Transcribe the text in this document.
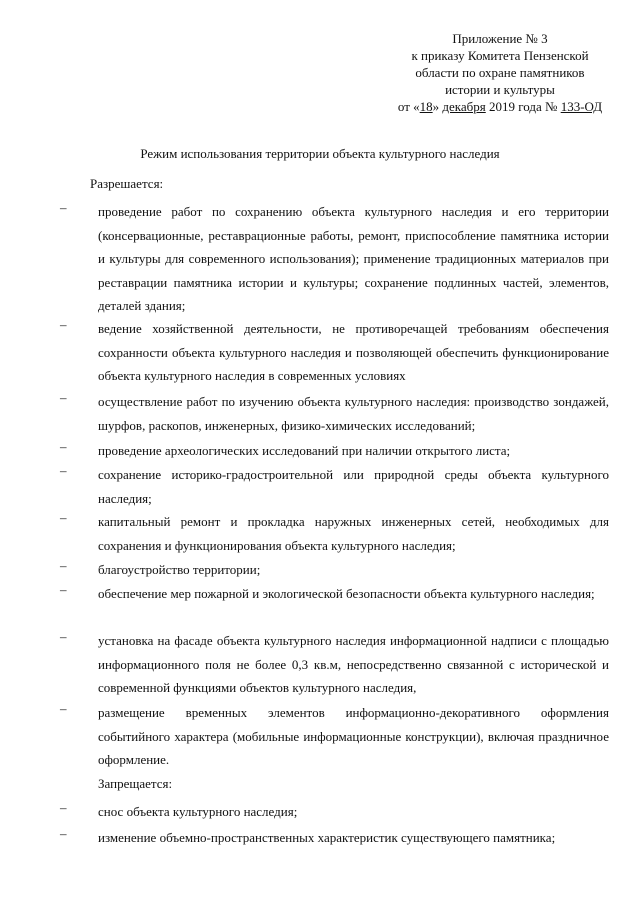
Приложение № 3
к приказу Комитета Пензенской
области по охране памятников
истории и культуры
от «18» декабря 2019 года № 133-ОД
Режим использования территории объекта культурного наследия
Разрешается:
– проведение работ по сохранению объекта культурного наследия и его территории (консервационные, реставрационные работы, ремонт, приспособление памятника истории и культуры для современного использования); применение традиционных материалов при реставрации памятника истории и культуры; сохранение подлинных частей, элементов, деталей здания;
– ведение хозяйственной деятельности, не противоречащей требованиям обеспечения сохранности объекта культурного наследия и позволяющей обеспечить функционирование объекта культурного наследия в современных условиях
– осуществление работ по изучению объекта культурного наследия: производство зондажей, шурфов, раскопов, инженерных, физико-химических исследований;
– проведение археологических исследований при наличии открытого листа;
– сохранение историко-градостроительной или природной среды объекта культурного наследия;
– капитальный ремонт и прокладка наружных инженерных сетей, необходимых для сохранения и функционирования объекта культурного наследия;
– благоустройство территории;
– обеспечение мер пожарной и экологической безопасности объекта культурного наследия;
– установка на фасаде объекта культурного наследия информационной надписи с площадью информационного поля не более 0,3 кв.м, непосредственно связанной с исторической и современной функциями объектов культурного наследия,
– размещение временных элементов информационно-декоративного оформления событийного характера (мобильные информационные конструкции), включая праздничное оформление.
Запрещается:
– снос объекта культурного наследия;
– изменение объемно-пространственных характеристик существующего памятника;
